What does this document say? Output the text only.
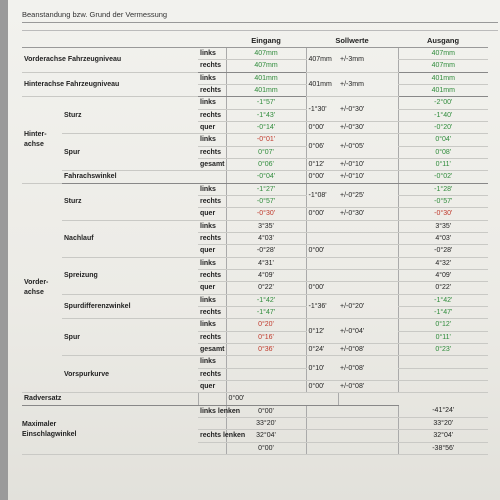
Beanstandung bzw. Grund der Vermessung
			Eingang	Sollwerte		Ausgang
Vorderachse Fahrzeugniveau		links	407mm	407mm	+/-3mm	407mm
		rechts	407mm			407mm
Hinterachse Fahrzeugniveau		links	401mm	401mm	+/-3mm	401mm
		rechts	401mm			401mm
Hinter-
achse	Sturz	links	-1°57'	-1°30'	+/-0°30'	-2°00'
		rechts	-1°43'			-1°40'
		quer	-0°14'	0°00'	+/-0°30'	-0°20'
	Spur	links	-0°01'	0°06'	+/-0°05'	0°04'
		rechts	0°07'			0°08'
		gesamt	0°06'	0°12'	+/-0°10'	0°11'
	Fahrachswinkel		-0°04'	0°00'	+/-0°10'	-0°02'
Vorder-
achse	Sturz	links	-1°27'	-1°08'	+/-0°25'	-1°28'
		rechts	-0°57'			-0°57'
		quer	-0°30'	0°00'	+/-0°30'	-0°30'
	Nachlauf	links	3°35'			3°35'
		rechts	4°03'			4°03'
		quer	-0°28'	0°00'		-0°28'
	Spreizung	links	4°31'			4°32'
		rechts	4°09'			4°09'
		quer	0°22'	0°00'		0°22'
	Spurdifferenzwinkel	links	-1°42'	-1°36'	+/-0°20'	-1°42'
		rechts	-1°47'			-1°47'
	Spur	links	0°20'	0°12'	+/-0°04'	0°12'
		rechts	0°16'			0°11'
		gesamt	0°36'	0°24'	+/-0°08'	0°23'
	Vorspurkurve	links		0°10'	+/-0°08'	
		rechts				
		quer		0°00'	+/-0°08'	
Radversatz			0°00'			

Maximaler
Einschlagwinkel		links lenken	0°00'			-41°24'
			33°20'			33°20'
		rechts lenken	32°04'			32°04'
			0°00'			-38°56'
